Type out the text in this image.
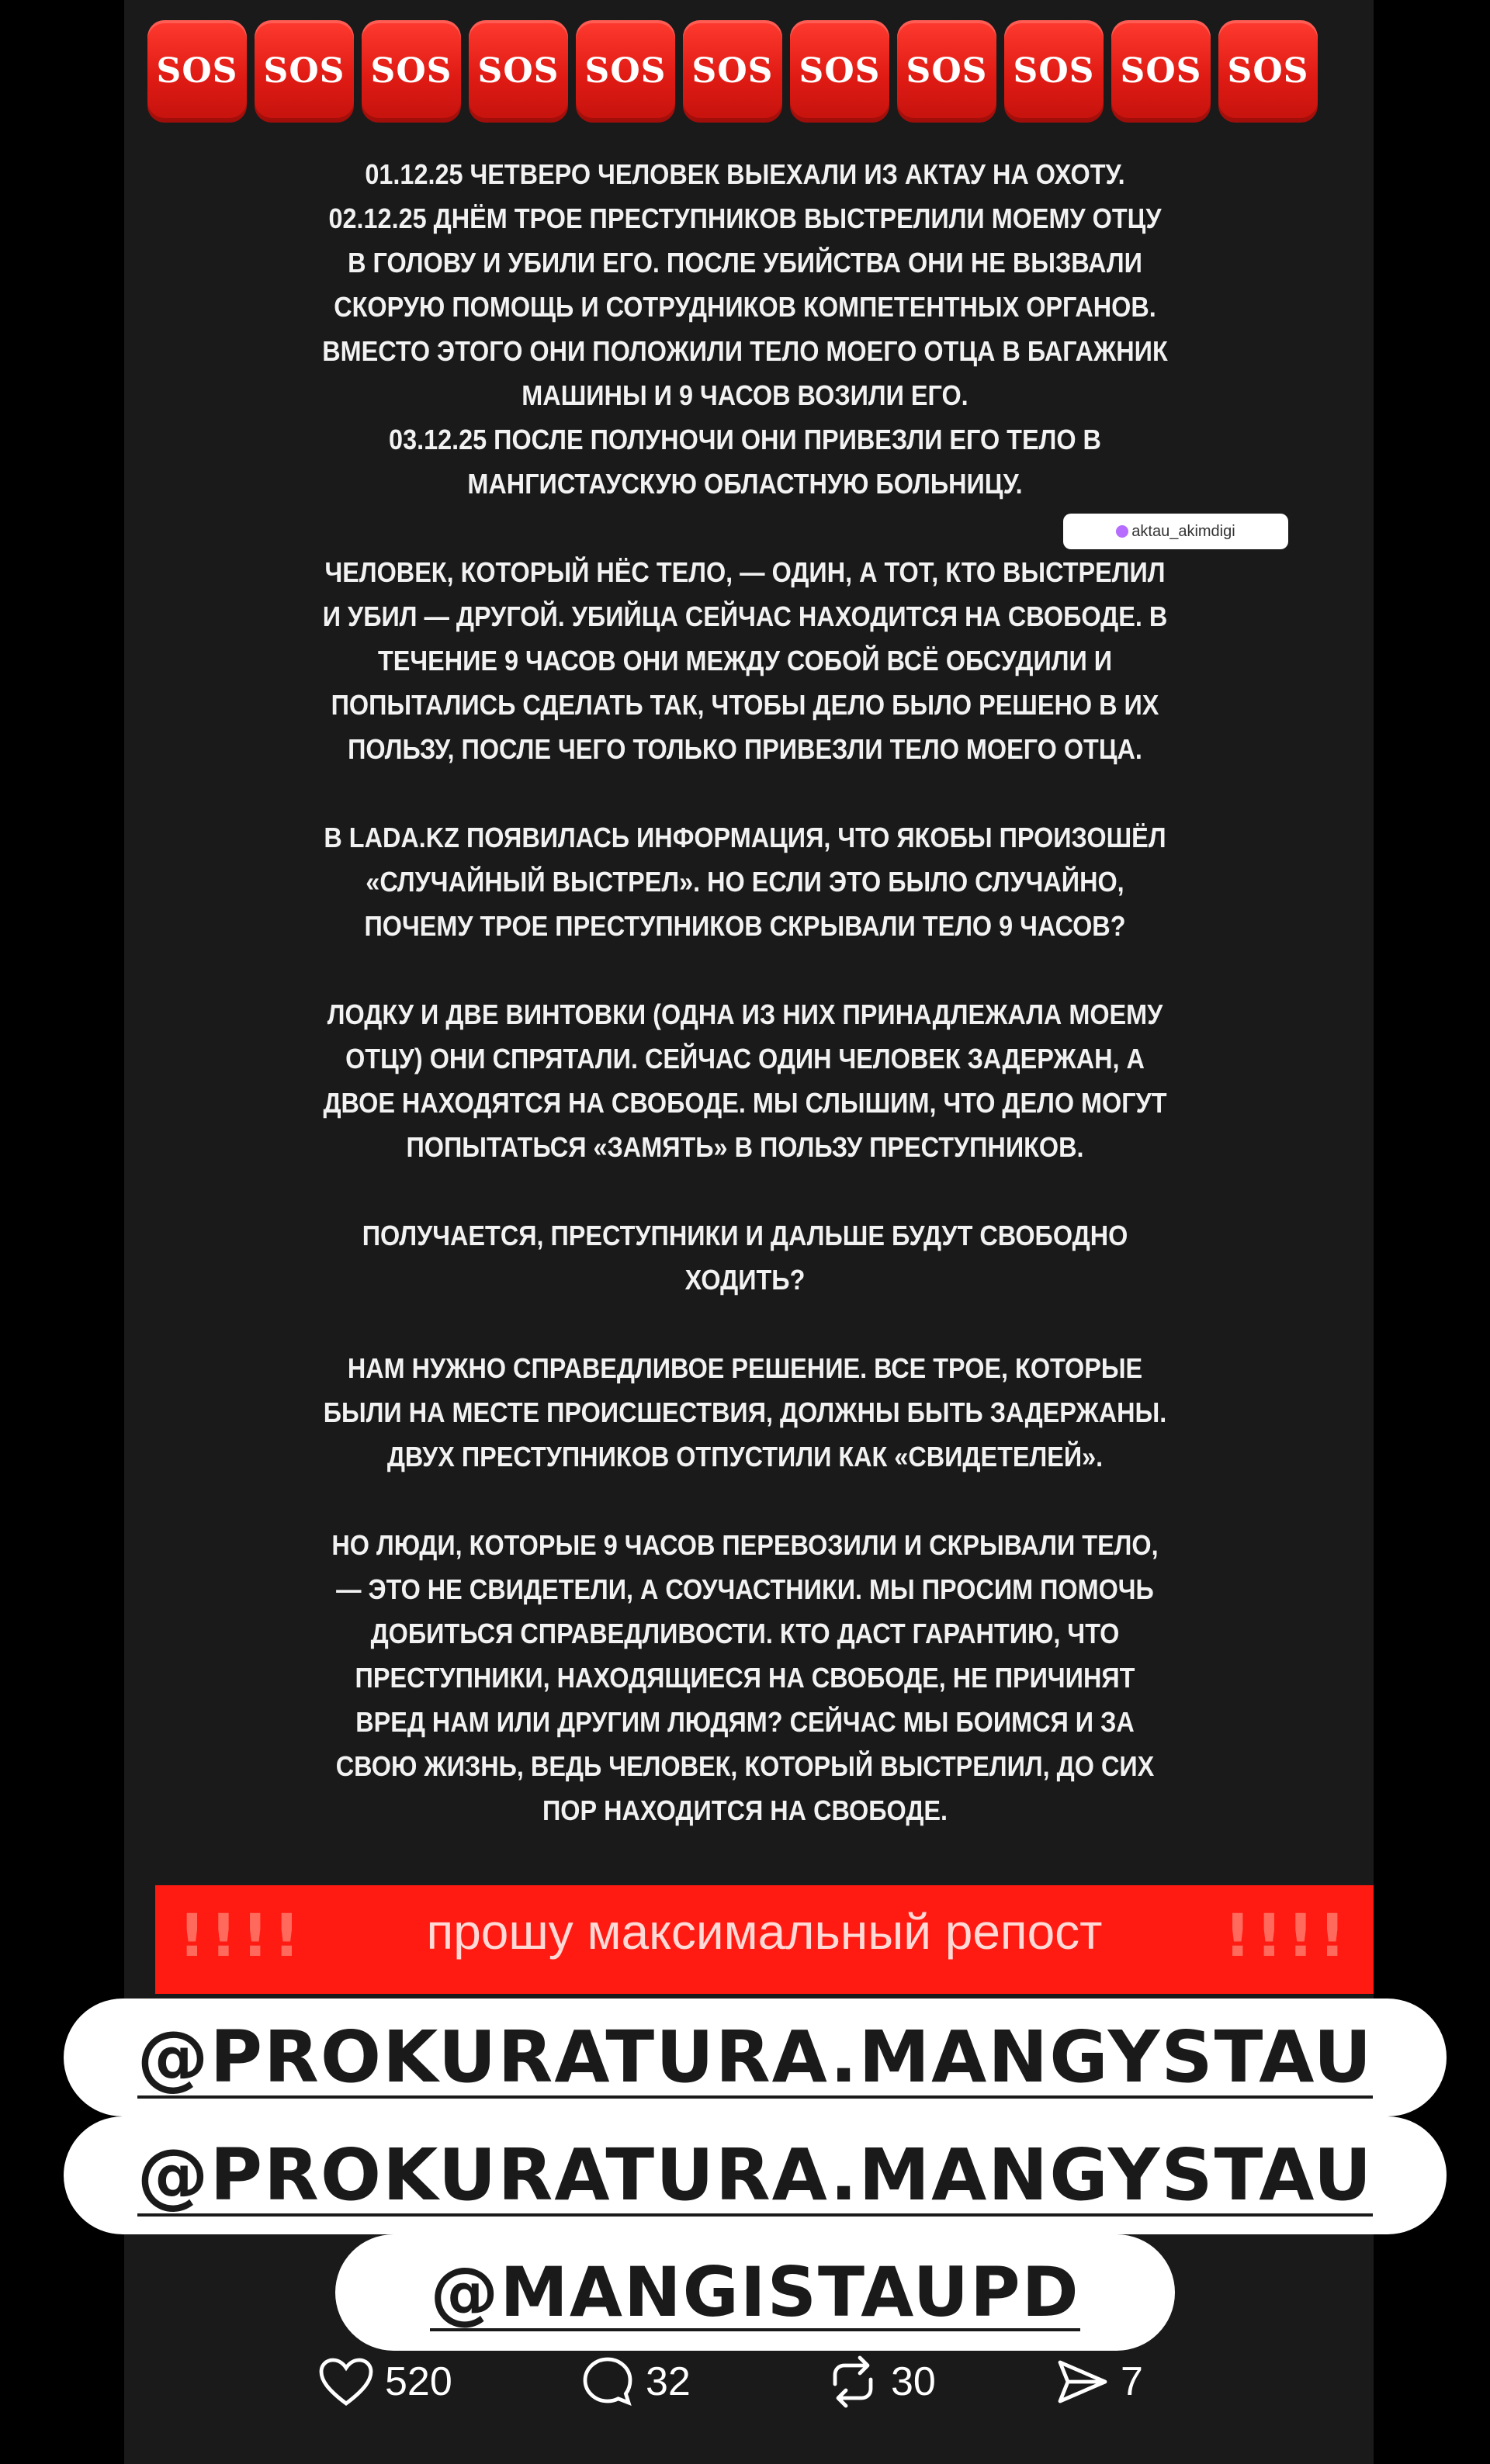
SOS SOS SOS SOS SOS SOS SOS SOS SOS SOS SOS

01.12.25 ЧЕТВЕРО ЧЕЛОВЕК ВЫЕХАЛИ ИЗ АКТАУ НА ОХОТУ.
02.12.25 ДНЁМ ТРОЕ ПРЕСТУПНИКОВ ВЫСТРЕЛИЛИ МОЕМУ ОТЦУ
В ГОЛОВУ И УБИЛИ ЕГО. ПОСЛЕ УБИЙСТВА ОНИ НЕ ВЫЗВАЛИ
СКОРУЮ ПОМОЩЬ И СОТРУДНИКОВ КОМПЕТЕНТНЫХ ОРГАНОВ.
ВМЕСТО ЭТОГО ОНИ ПОЛОЖИЛИ ТЕЛО МОЕГО ОТЦА В БАГАЖНИК
МАШИНЫ И 9 ЧАСОВ ВОЗИЛИ ЕГО.
03.12.25 ПОСЛЕ ПОЛУНОЧИ ОНИ ПРИВЕЗЛИ ЕГО ТЕЛО В
МАНГИСТАУСКУЮ ОБЛАСТНУЮ БОЛЬНИЦУ.

ЧЕЛОВЕК, КОТОРЫЙ НЁС ТЕЛО, — ОДИН, А ТОТ, КТО ВЫСТРЕЛИЛ
И УБИЛ — ДРУГОЙ. УБИЙЦА СЕЙЧАС НАХОДИТСЯ НА СВОБОДЕ. В
ТЕЧЕНИЕ 9 ЧАСОВ ОНИ МЕЖДУ СОБОЙ ВСЁ ОБСУДИЛИ И
ПОПЫТАЛИСЬ СДЕЛАТЬ ТАК, ЧТОБЫ ДЕЛО БЫЛО РЕШЕНО В ИХ
ПОЛЬЗУ, ПОСЛЕ ЧЕГО ТОЛЬКО ПРИВЕЗЛИ ТЕЛО МОЕГО ОТЦА.

В LADA.KZ ПОЯВИЛАСЬ ИНФОРМАЦИЯ, ЧТО ЯКОБЫ ПРОИЗОШЁЛ
«СЛУЧАЙНЫЙ ВЫСТРЕЛ». НО ЕСЛИ ЭТО БЫЛО СЛУЧАЙНО,
ПОЧЕМУ ТРОЕ ПРЕСТУПНИКОВ СКРЫВАЛИ ТЕЛО 9 ЧАСОВ?

ЛОДКУ И ДВЕ ВИНТОВКИ (ОДНА ИЗ НИХ ПРИНАДЛЕЖАЛА МОЕМУ
ОТЦУ) ОНИ СПРЯТАЛИ. СЕЙЧАС ОДИН ЧЕЛОВЕК ЗАДЕРЖАН, А
ДВОЕ НАХОДЯТСЯ НА СВОБОДЕ. МЫ СЛЫШИМ, ЧТО ДЕЛО МОГУТ
ПОПЫТАТЬСЯ «ЗАМЯТЬ» В ПОЛЬЗУ ПРЕСТУПНИКОВ.

ПОЛУЧАЕТСЯ, ПРЕСТУПНИКИ И ДАЛЬШЕ БУДУТ СВОБОДНО
ХОДИТЬ?

НАМ НУЖНО СПРАВЕДЛИВОЕ РЕШЕНИЕ. ВСЕ ТРОЕ, КОТОРЫЕ
БЫЛИ НА МЕСТЕ ПРОИСШЕСТВИЯ, ДОЛЖНЫ БЫТЬ ЗАДЕРЖАНЫ.
ДВУХ ПРЕСТУПНИКОВ ОТПУСТИЛИ КАК «СВИДЕТЕЛЕЙ».

НО ЛЮДИ, КОТОРЫЕ 9 ЧАСОВ ПЕРЕВОЗИЛИ И СКРЫВАЛИ ТЕЛО,
— ЭТО НЕ СВИДЕТЕЛИ, А СОУЧАСТНИКИ. МЫ ПРОСИМ ПОМОЧЬ
ДОБИТЬСЯ СПРАВЕДЛИВОСТИ. КТО ДАСТ ГАРАНТИЮ, ЧТО
ПРЕСТУПНИКИ, НАХОДЯЩИЕСЯ НА СВОБОДЕ, НЕ ПРИЧИНЯТ
ВРЕД НАМ ИЛИ ДРУГИМ ЛЮДЯМ? СЕЙЧАС МЫ БОИМСЯ И ЗА
СВОЮ ЖИЗНЬ, ВЕДЬ ЧЕЛОВЕК, КОТОРЫЙ ВЫСТРЕЛИЛ, ДО СИХ
ПОР НАХОДИТСЯ НА СВОБОДЕ.

aktau_akimdigi
!!!!	прошу максимальный репост	!!!!
@PROKURATURA.MANGYSTAU
@PROKURATURA.MANGYSTAU
@MANGISTAUPD
520	32	30	7
